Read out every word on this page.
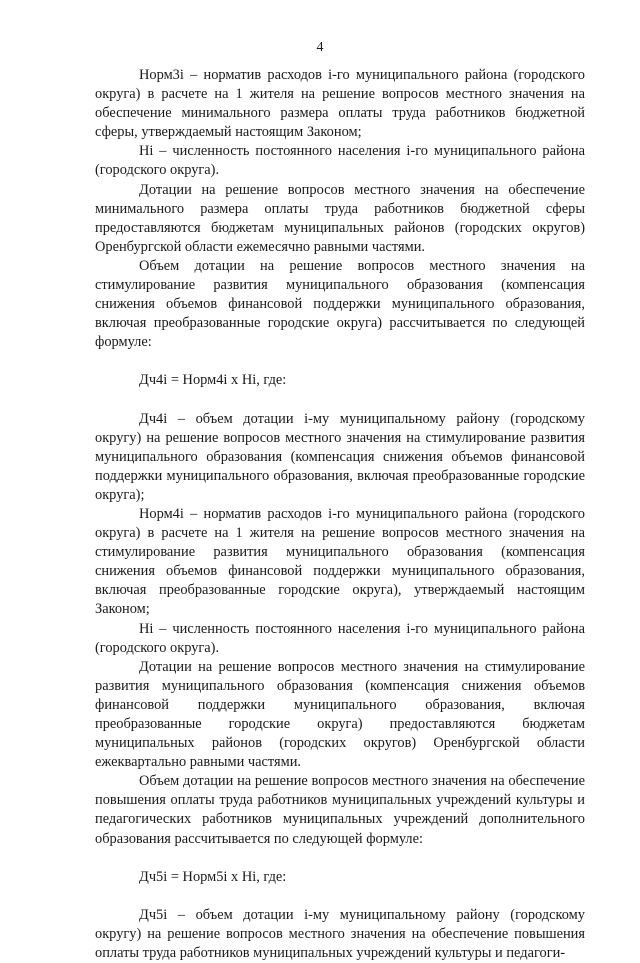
4

Норм3i – норматив расходов i-го муниципального района (городского округа) в расчете на 1 жителя на решение вопросов местного значения на обеспечение минимального размера оплаты труда работников бюджетной сферы, утверждаемый настоящим Законом;

Нi – численность постоянного населения i-го муниципального района (городского округа).

Дотации на решение вопросов местного значения на обеспечение минимального размера оплаты труда работников бюджетной сферы предоставляются бюджетам муниципальных районов (городских округов) Оренбургской области ежемесячно равными частями.

Объем дотации на решение вопросов местного значения на стимулирование развития муниципального образования (компенсация снижения объемов финансовой поддержки муниципального образования, включая преобразованные городские округа) рассчитывается по следующей формуле:

Дч4i = Норм4i х Нi, где:

Дч4i – объем дотации i-му муниципальному району (городскому округу) на решение вопросов местного значения на стимулирование развития муниципального образования (компенсация снижения объемов финансовой поддержки муниципального образования, включая преобразованные городские округа);

Норм4i – норматив расходов i-го муниципального района (городского округа) в расчете на 1 жителя на решение вопросов местного значения на стимулирование развития муниципального образования (компенсация снижения объемов финансовой поддержки муниципального образования, включая преобразованные городские округа), утверждаемый настоящим Законом;

Нi – численность постоянного населения i-го муниципального района (городского округа).

Дотации на решение вопросов местного значения на стимулирование развития муниципального образования (компенсация снижения объемов финансовой поддержки муниципального образования, включая преобразованные городские округа) предоставляются бюджетам муниципальных районов (городских округов) Оренбургской области ежеквартально равными частями.

Объем дотации на решение вопросов местного значения на обеспечение повышения оплаты труда работников муниципальных учреждений культуры и педагогических работников муниципальных учреждений дополнительного образования рассчитывается по следующей формуле:

Дч5i = Норм5i х Нi, где:

Дч5i – объем дотации i-му муниципальному району (городскому округу) на решение вопросов местного значения на обеспечение повышения оплаты труда работников муниципальных учреждений культуры и педагоги-
